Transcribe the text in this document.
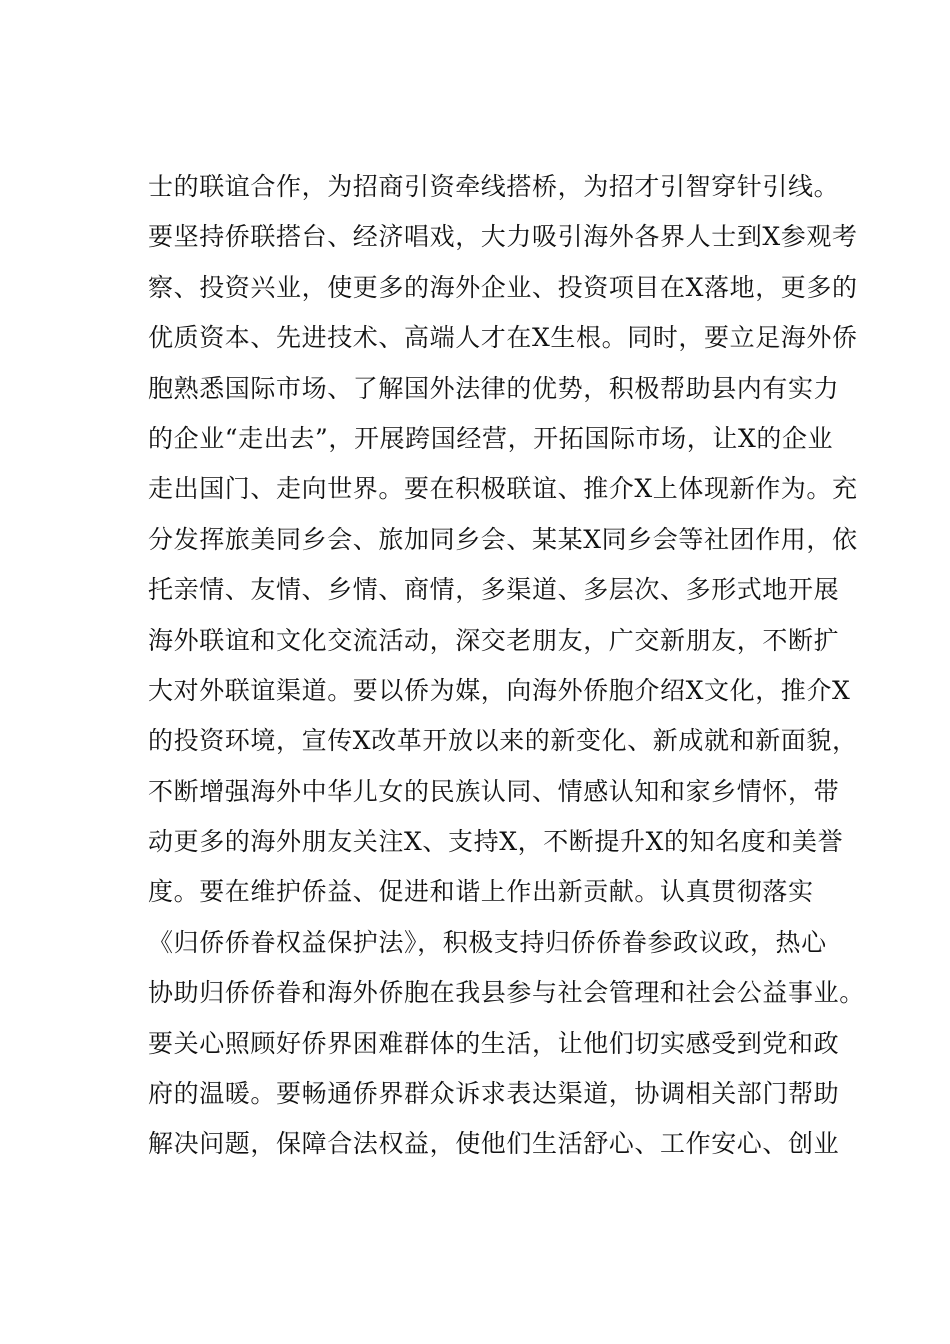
士的联谊合作，为招商引资牵线搭桥，为招才引智穿针引线。
要坚持侨联搭台、经济唱戏，大力吸引海外各界人士到X参观考
察、投资兴业，使更多的海外企业、投资项目在X落地，更多的
优质资本、先进技术、高端人才在X生根。同时，要立足海外侨
胞熟悉国际市场、了解国外法律的优势，积极帮助县内有实力
的企业“走出去”，开展跨国经营，开拓国际市场，让X的企业
走出国门、走向世界。要在积极联谊、推介X上体现新作为。充
分发挥旅美同乡会、旅加同乡会、某某X同乡会等社团作用，依
托亲情、友情、乡情、商情，多渠道、多层次、多形式地开展
海外联谊和文化交流活动，深交老朋友，广交新朋友，不断扩
大对外联谊渠道。要以侨为媒，向海外侨胞介绍X文化，推介X
的投资环境，宣传X改革开放以来的新变化、新成就和新面貌，
不断增强海外中华儿女的民族认同、情感认知和家乡情怀，带
动更多的海外朋友关注X、支持X，不断提升X的知名度和美誉
度。要在维护侨益、促进和谐上作出新贡献。认真贯彻落实
《归侨侨眷权益保护法》，积极支持归侨侨眷参政议政，热心
协助归侨侨眷和海外侨胞在我县参与社会管理和社会公益事业。
要关心照顾好侨界困难群体的生活，让他们切实感受到党和政
府的温暖。要畅通侨界群众诉求表达渠道，协调相关部门帮助
解决问题，保障合法权益，使他们生活舒心、工作安心、创业
